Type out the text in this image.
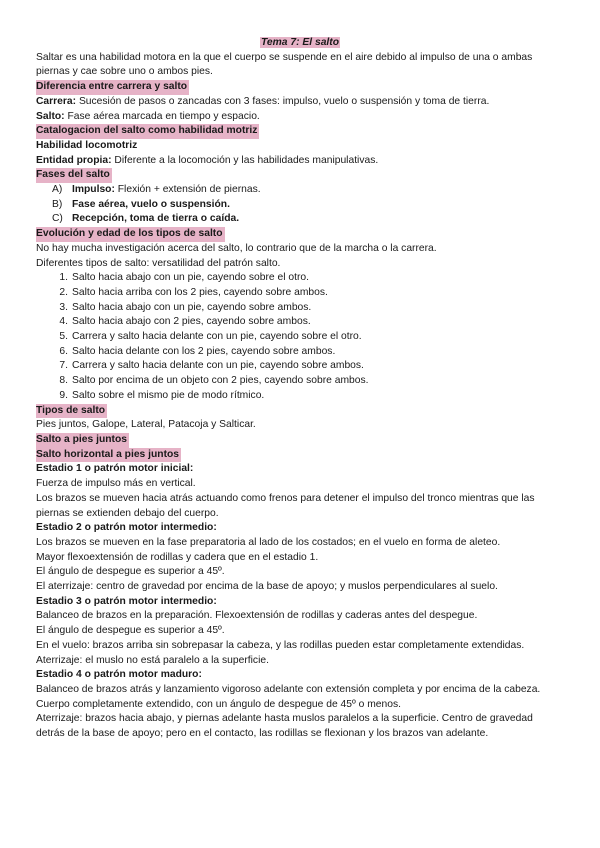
Tema 7: El salto

Saltar es una habilidad motora en la que el cuerpo se suspende en el aire debido al impulso de una o ambas piernas y cae sobre uno o ambos pies.

Diferencia entre carrera y salto

Carrera: Sucesión de pasos o zancadas con 3 fases: impulso, vuelo o suspensión y toma de tierra.

Salto: Fase aérea marcada en tiempo y espacio.

Catalogacion del salto como habilidad motriz

Habilidad locomotriz

Entidad propia: Diferente a la locomoción y las habilidades manipulativas.

Fases del salto
A) Impulso: Flexión + extensión de piernas.
B) Fase aérea, vuelo o suspensión.
C) Recepción, toma de tierra o caída.
Evolución y edad de los tipos de salto

No hay mucha investigación acerca del salto, lo contrario que de la marcha o la carrera.

Diferentes tipos de salto: versatilidad del patrón salto.

1. Salto hacia abajo con un pie, cayendo sobre el otro.
2. Salto hacia arriba con los 2 pies, cayendo sobre ambos.
3. Salto hacia abajo con un pie, cayendo sobre ambos.
4. Salto hacia abajo con 2 pies, cayendo sobre ambos.
5. Carrera y salto hacia delante con un pie, cayendo sobre el otro.
6. Salto hacia delante con los 2 pies, cayendo sobre ambos.
7. Carrera y salto hacia delante con un pie, cayendo sobre ambos.
8. Salto por encima de un objeto con 2 pies, cayendo sobre ambos.
9. Salto sobre el mismo pie de modo rítmico.
Tipos de salto

Pies juntos, Galope, Lateral, Patacoja y Salticar.

Salto a pies juntos
Salto horizontal a pies juntos

Estadio 1 o patrón motor inicial:

Fuerza de impulso más en vertical.

Los brazos se mueven hacia atrás actuando como frenos para detener el impulso del tronco mientras que las piernas se extienden debajo del cuerpo.

Estadio 2 o patrón motor intermedio:

Los brazos se mueven en la fase preparatoria al lado de los costados; en el vuelo en forma de aleteo.

Mayor flexoextensión de rodillas y cadera que en el estadio 1.

El ángulo de despegue es superior a 45º.

El aterrizaje: centro de gravedad por encima de la base de apoyo; y muslos perpendiculares al suelo.

Estadio 3 o patrón motor intermedio:

Balanceo de brazos en la preparación. Flexoextensión de rodillas y caderas antes del despegue.

El ángulo de despegue es superior a 45º.

En el vuelo: brazos arriba sin sobrepasar la cabeza, y las rodillas pueden estar completamente extendidas.

Aterrizaje: el muslo no está paralelo a la superficie.

Estadio 4 o patrón motor maduro:

Balanceo de brazos atrás y lanzamiento vigoroso adelante con extensión completa y por encima de la cabeza.

Cuerpo completamente extendido, con un ángulo de despegue de 45º o menos.

Aterrizaje: brazos hacia abajo, y piernas adelante hasta muslos paralelos a la superficie. Centro de gravedad detrás de la base de apoyo; pero en el contacto, las rodillas se flexionan y los brazos van adelante.
